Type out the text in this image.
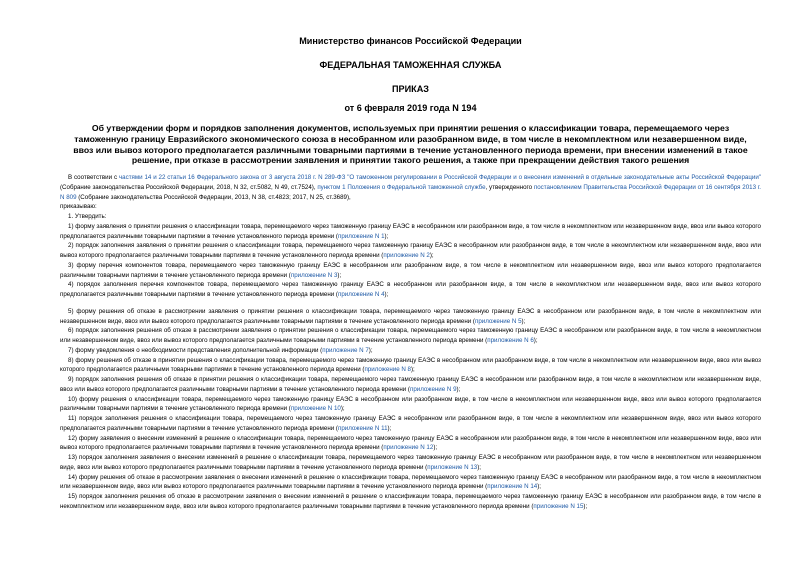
Министерство финансов Российской Федерации
ФЕДЕРАЛЬНАЯ ТАМОЖЕННАЯ СЛУЖБА
ПРИКАЗ
от 6 февраля 2019 года N 194
Об утверждении форм и порядков заполнения документов, используемых при принятии решения о классификации товара, перемещаемого через таможенную границу Евразийского экономического союза в несобранном или разобранном виде, в том числе в некомплектном или незавершенном виде, ввоз или вывоз которого предполагается различными товарными партиями в течение установленного периода времени, при внесении изменений в такое решение, при отказе в рассмотрении заявления и принятии такого решения, а также при прекращении действия такого решения

В соответствии с частями 14 и 22 статьи 16 Федерального закона от 3 августа 2018 г. N 289-ФЗ "О таможенном регулировании в Российской Федерации и о внесении изменений в отдельные законодательные акты Российской Федерации" (Собрание законодательства Российской Федерации, 2018, N 32, ст.5082, N 49, ст.7524), пунктом 1 Положения о Федеральной таможенной службе, утвержденного постановлением Правительства Российской Федерации от 16 сентября 2013 г. N 809 (Собрание законодательства Российской Федерации, 2013, N 38, ст.4823; 2017, N 25, ст.3689),

приказываю:

1. Утвердить:

1) форму заявления о принятии решения о классификации товара, перемещаемого через таможенную границу ЕАЭС в несобранном или разобранном виде, в том числе в некомплектном или незавершенном виде, ввоз или вывоз которого предполагается различными товарными партиями в течение установленного периода времени (приложение N 1);

2) порядок заполнения заявления о принятии решения о классификации товара, перемещаемого через таможенную границу ЕАЭС в несобранном или разобранном виде, в том числе в некомплектном или незавершенном виде, ввоз или вывоз которого предполагается различными товарными партиями в течение установленного периода времени (приложение N 2);

3) форму перечня компонентов товара, перемещаемого через таможенную границу ЕАЭС в несобранном или разобранном виде, в том числе в некомплектном или незавершенном виде, ввоз или вывоз которого предполагается различными товарными партиями в течение установленного периода времени (приложение N 3);

4) порядок заполнения перечня компонентов товара, перемещаемого через таможенную границу ЕАЭС в несобранном или разобранном виде, в том числе в некомплектном или незавершенном виде, ввоз или вывоз которого предполагается различными товарными партиями в течение установленного периода времени (приложение N 4);

5) форму решения об отказе в рассмотрении заявления о принятии решения о классификации товара, перемещаемого через таможенную границу ЕАЭС в несобранном или разобранном виде, в том числе в некомплектном или незавершенном виде, ввоз или вывоз которого предполагается различными товарными партиями в течение установленного периода времени (приложение N 5);

6) порядок заполнения решения об отказе в рассмотрении заявления о принятии решения о классификации товара, перемещаемого через таможенную границу ЕАЭС в несобранном или разобранном виде, в том числе в некомплектном или незавершенном виде, ввоз или вывоз которого предполагается различными товарными партиями в течение установленного периода времени (приложение N 6);

7) форму уведомления о необходимости представления дополнительной информации (приложение N 7);

8) форму решения об отказе в принятии решения о классификации товара, перемещаемого через таможенную границу ЕАЭС в несобранном или разобранном виде, в том числе в некомплектном или незавершенном виде, ввоз или вывоз которого предполагается различными товарными партиями в течение установленного периода времени (приложение N 8);

9) порядок заполнения решения об отказе в принятии решения о классификации товара, перемещаемого через таможенную границу ЕАЭС в несобранном или разобранном виде, в том числе в некомплектном или незавершенном виде, ввоз или вывоз которого предполагается различными товарными партиями в течение установленного периода времени (приложение N 9);

10) форму решения о классификации товара, перемещаемого через таможенную границу ЕАЭС в несобранном или разобранном виде, в том числе в некомплектном или незавершенном виде, ввоз или вывоз которого предполагается различными товарными партиями в течение установленного периода времени (приложение N 10);

11) порядок заполнения решения о классификации товара, перемещаемого через таможенную границу ЕАЭС в несобранном или разобранном виде, в том числе в некомплектном или незавершенном виде, ввоз или вывоз которого предполагается различными товарными партиями в течение установленного периода времени (приложение N 11);

12) форму заявления о внесении изменений в решение о классификации товара, перемещаемого через таможенную границу ЕАЭС в несобранном или разобранном виде, в том числе в некомплектном или незавершенном виде, ввоз или вывоз которого предполагается различными товарными партиями в течение установленного периода времени (приложение N 12);

13) порядок заполнения заявления о внесении изменений в решение о классификации товара, перемещаемого через таможенную границу ЕАЭС в несобранном или разобранном виде, в том числе в некомплектном или незавершенном виде, ввоз или вывоз которого предполагается различными товарными партиями в течение установленного периода времени (приложение N 13);

14) форму решения об отказе в рассмотрении заявления о внесении изменений в решение о классификации товара, перемещаемого через таможенную границу ЕАЭС в несобранном или разобранном виде, в том числе в некомплектном или незавершенном виде, ввоз или вывоз которого предполагается различными товарными партиями в течение установленного периода времени (приложение N 14);

15) порядок заполнения решения об отказе в рассмотрении заявления о внесении изменений в решение о классификации товара, перемещаемого через таможенную границу ЕАЭС в несобранном или разобранном виде, в том числе в некомплектном или незавершенном виде, ввоз или вывоз которого предполагается различными товарными партиями в течение установленного периода времени (приложение N 15);
